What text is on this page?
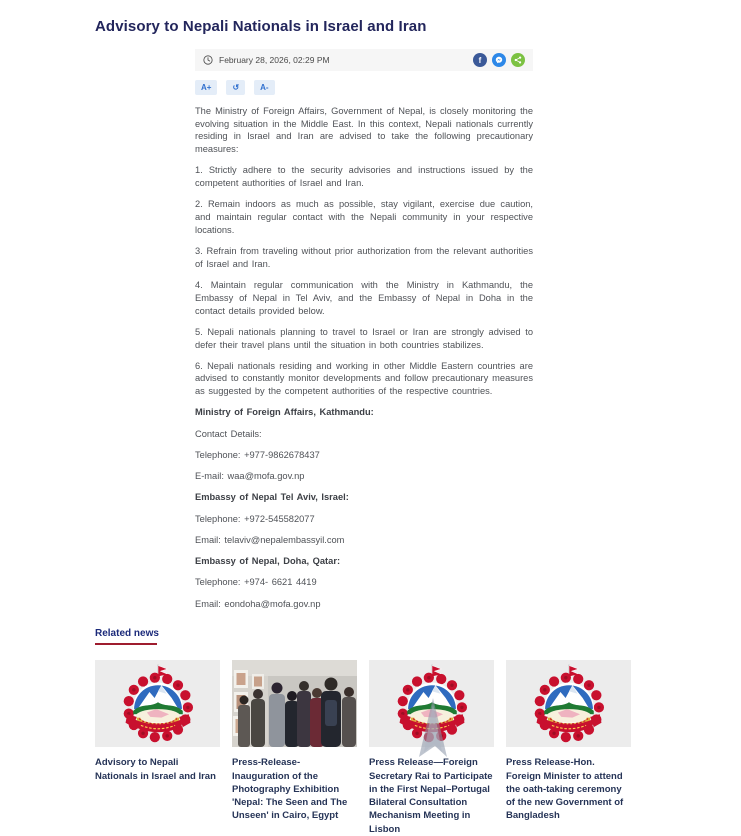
Advisory to Nepali Nationals in Israel and Iran
February 28, 2026, 02:29 PM	f
A+	↺	A-

The Ministry of Foreign Affairs, Government of Nepal, is closely monitoring the evolving situation in the Middle East. In this context, Nepali nationals currently residing in Israel and Iran are advised to take the following precautionary measures:

1. Strictly adhere to the security advisories and instructions issued by the competent authorities of Israel and Iran.

2. Remain indoors as much as possible, stay vigilant, exercise due caution, and maintain regular contact with the Nepali community in your respective locations.

3. Refrain from traveling without prior authorization from the relevant authorities of Israel and Iran.

4. Maintain regular communication with the Ministry in Kathmandu, the Embassy of Nepal in Tel Aviv, and the Embassy of Nepal in Doha in the contact details provided below.

5. Nepali nationals planning to travel to Israel or Iran are strongly advised to defer their travel plans until the situation in both countries stabilizes.

6. Nepali nationals residing and working in other Middle Eastern countries are advised to constantly monitor developments and follow precautionary measures as suggested by the competent authorities of the respective countries.

Ministry of Foreign Affairs, Kathmandu:

Contact Details:

Telephone: +977-9862678437

E-mail: waa@mofa.gov.np

Embassy of Nepal Tel Aviv, Israel:

Telephone: +972-545582077

Email: telaviv@nepalembassyil.com

Embassy of Nepal, Doha, Qatar:

Telephone: +974- 6621 4419

Email: eondoha@mofa.gov.np

Related news
Advisory to Nepali Nationals in Israel and Iran
Press-Release- Inauguration of the Photography Exhibition 'Nepal: The Seen and The Unseen' in Cairo, Egypt
Press Release—Foreign Secretary Rai to Participate in the First Nepal–Portugal Bilateral Consultation Mechanism Meeting in Lisbon
Press Release-Hon. Foreign Minister to attend the oath-taking ceremony of the new Government of Bangladesh
